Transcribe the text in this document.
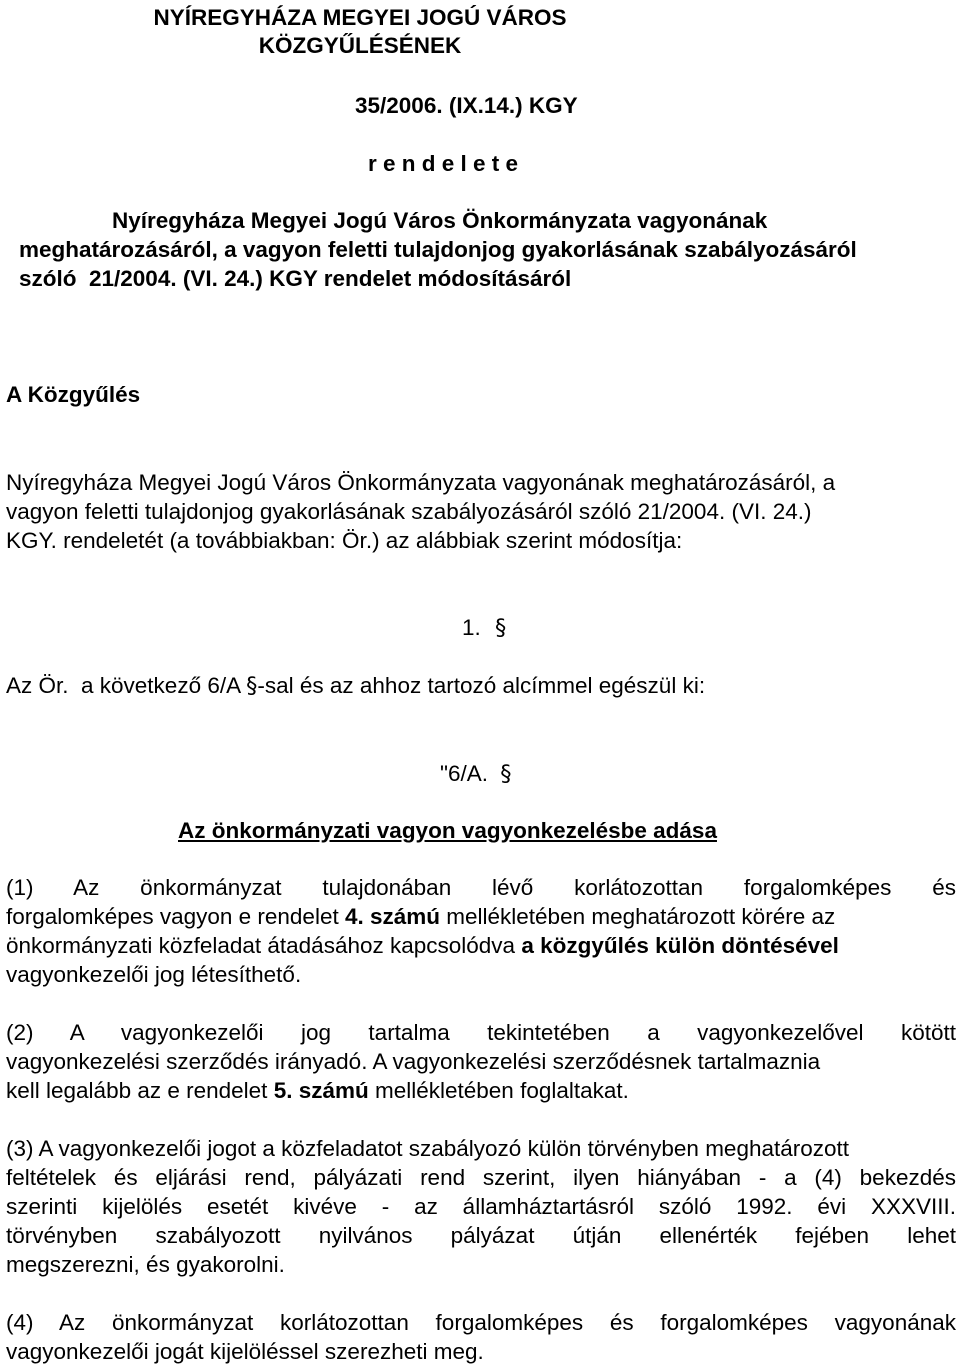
NYÍREGYHÁZA MEGYEI JOGÚ VÁROS
KÖZGYŰLÉSÉNEK
35/2006. (IX.14.) KGY
r e n d e l e t e
Nyíregyháza Megyei Jogú Város Önkormányzata vagyonának
meghatározásáról, a vagyon feletti tulajdonjog gyakorlásának szabályozásáról
szóló  21/2004. (VI. 24.) KGY rendelet módosításáról
A Közgyűlés
Nyíregyháza Megyei Jogú Város Önkormányzata vagyonának meghatározásáról, a
vagyon feletti tulajdonjog gyakorlásának szabályozásáról szóló 21/2004. (VI. 24.)
KGY. rendeletét (a továbbiakban: Ör.) az alábbiak szerint módosítja:
1. §
Az Ör.  a következő 6/A §-sal és az ahhoz tartozó alcímmel egészül ki:
"6/A. §
Az önkormányzati vagyon vagyonkezelésbe adása
(1) Az önkormányzat tulajdonában lévő korlátozottan forgalomképes és
forgalomképes vagyon e rendelet 4. számú mellékletében meghatározott körére az
önkormányzati közfeladat átadásához kapcsolódva a közgyűlés külön döntésével
vagyonkezelői jog létesíthető.
(2) A vagyonkezelői jog tartalma tekintetében a vagyonkezelővel kötött
vagyonkezelési szerződés irányadó. A vagyonkezelési szerződésnek tartalmaznia
kell legalább az e rendelet 5. számú mellékletében foglaltakat.
(3) A vagyonkezelői jogot a közfeladatot szabályozó külön törvényben meghatározott
feltételek és eljárási rend, pályázati rend szerint, ilyen hiányában - a (4) bekezdés
szerinti kijelölés esetét kivéve - az államháztartásról szóló 1992. évi XXXVIII.
törvényben szabályozott nyilvános pályázat útján ellenérték fejében lehet
megszerezni, és gyakorolni.
(4) Az önkormányzat korlátozottan forgalomképes és forgalomképes vagyonának
vagyonkezelői jogát kijelöléssel szerezheti meg.
